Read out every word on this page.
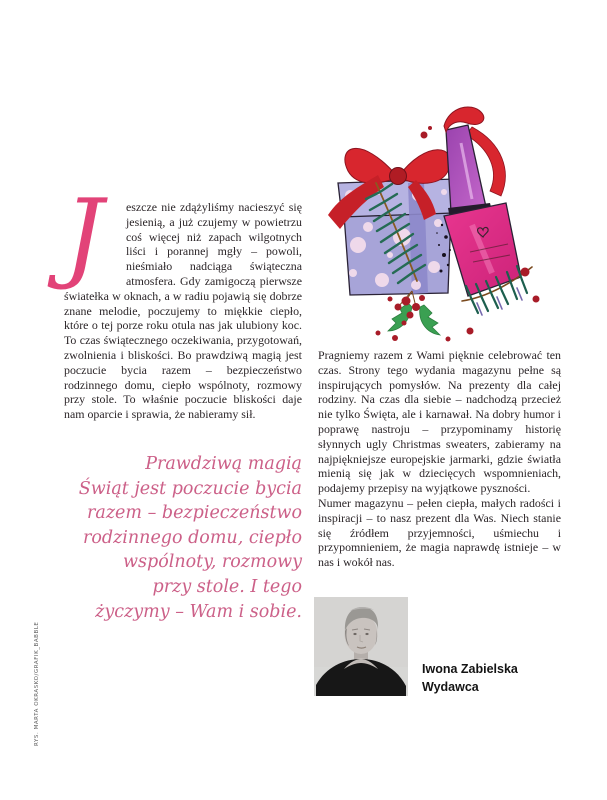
RYS. MARTA OKRASKO/GRAFIK_BABBLE

J	eszcze nie zdążyliśmy nacieszyć się jesienią, a już czujemy w powietrzu coś więcej niż zapach wilgotnych liści i porannej mgły – powoli, nieśmiało nadciąga świąteczna atmosfera. Gdy zamigoczą pierwsze światełka w oknach, a w radiu pojawią się dobrze znane melodie, poczujemy to miękkie ciepło, które o tej porze roku otula nas jak ulubiony koc. To czas świątecznego oczekiwania, przygotowań, zwolnienia i bliskości. Bo prawdziwą magią jest poczucie bycia razem – bezpieczeństwo rodzinnego domu, ciepło wspólnoty, rozmowy przy stole. To właśnie poczucie bliskości daje nam oparcie i sprawia, że nabieramy sił.

Prawdziwą magią
Świąt jest poczucie bycia
razem – bezpieczeństwo
rodzinnego domu, ciepło
wspólnoty, rozmowy
przy stole. I tego
życzymy – Wam i sobie.

Pragniemy razem z Wami pięknie celebrować ten czas. Strony tego wydania magazynu pełne są inspirujących pomysłów. Na prezenty dla całej rodziny. Na czas dla siebie – nadchodzą przecież nie tylko Święta, ale i karnawał. Na dobry humor i poprawę nastroju – przypominamy historię słynnych ugly Christmas sweaters, zabieramy na najpiękniejsze europejskie jarmarki, gdzie światła mienią się jak w dziecięcych wspomnieniach, podajemy przepisy na wyjątkowe pyszności.

Numer magazynu – pełen ciepła, małych radości i inspiracji – to nasz prezent dla Was. Niech stanie się źródłem przyjemności, uśmiechu i przypomnieniem, że magia naprawdę istnieje – w nas i wokół nas.

Iwona Zabielska
Wydawca
